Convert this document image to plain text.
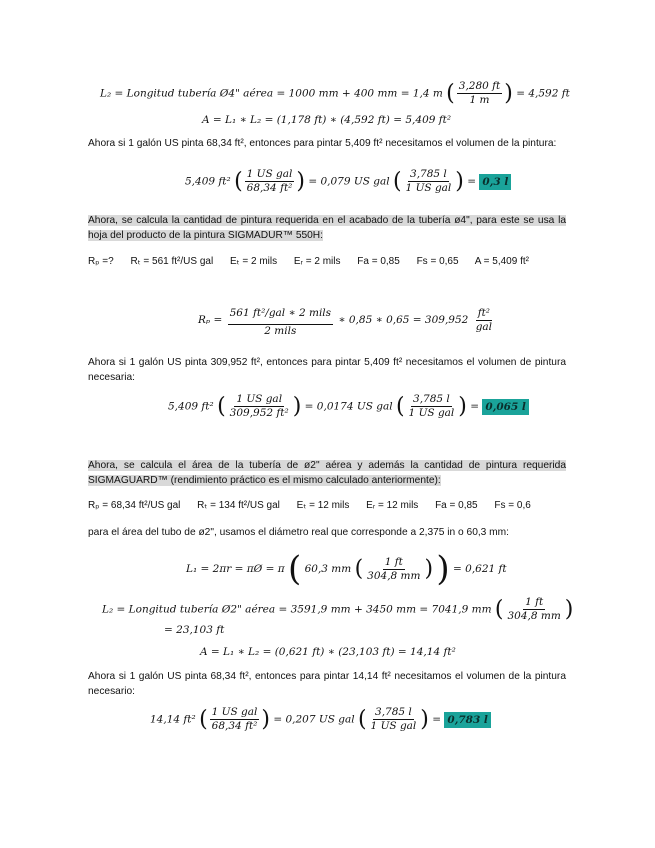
L₂ = Longitud tubería Ø4" aérea = 1000 mm + 400 mm = 1,4 m ( $\frac{3,280 ft}{1 m}$ ) = 4,592 ft
A = L₁ ∗ L₂ = (1,178 ft) ∗ (4,592 ft) = 5,409 ft²
Ahora si 1 galón US pinta 68,34 ft², entonces para pintar 5,409 ft² necesitamos el volumen de la pintura:
5,409 ft² ( $\frac{\text{1 US gal}}{\text{68,34 ft²}}$ ) = 0,079 US gal ( $\frac{3,785 l}{\text{1 US gal}}$ ) = 0,3 l
Ahora, se calcula la cantidad de pintura requerida en el acabado de la tubería ø4", para este se usa la hoja del producto de la pintura SIGMADUR™ 550H:
Rₚ =? Rₜ = 561 ft²/US gal Eₜ = 2 mils Eᵣ = 2 mils Fa = 0,85 Fs = 0,65 A = 5,409 ft²
$R_p = \frac{\text{561 ft²/gal ∗ 2 mils}}{\text{2 mils}}$ ∗ 0,85 ∗ $0,65 = 309,952 \frac{\text{ft²}}{\text{gal}}$
Ahora si 1 galón US pinta 309,952 ft², entonces para pintar 5,409 ft² necesitamos el volumen de pintura necesaria:
5,409 ft² ( $\frac{\text{1 US gal}}{\text{309,952 ft²}}$ ) = 0,0174 US gal ( $\frac{3,785 l}{\text{1 US gal}}$ ) = 0,065 l
Ahora, se calcula el área de la tubería de ø2" aérea y además la cantidad de pintura requerida SIGMAGUARD™ (rendimiento práctico es el mismo calculado anteriormente):
Rₚ = 68,34 ft²/US gal Rₜ = 134 ft²/US gal Eₜ = 12 mils Eᵣ = 12 mils Fa = 0,85 Fs = 0,6
para el área del tubo de ø2", usamos el diámetro real que corresponde a 2,375 in o 60,3 mm:
L₁ = 2πr = πØ = π ( 60,3 mm ( $\frac{1 ft}{304,8 mm}$ ) ) = 0,621 ft
L₂ = Longitud tubería Ø2" aérea = 3591,9 mm + 3450 mm = 7041,9 mm ( $\frac{1 ft}{304,8 mm}$ )
= 23,103 ft
A = L₁ ∗ L₂ = (0,621 ft) ∗ (23,103 ft) = 14,14 ft²
Ahora si 1 galón US pinta 68,34 ft², entonces para pintar 14,14 ft² necesitamos el volumen de la pintura necesario:
14,14 ft² ( $\frac{\text{1 US gal}}{\text{68,34 ft²}}$ ) = 0,207 US gal ( $\frac{3,785 l}{\text{1 US gal}}$ ) = 0,783 l
